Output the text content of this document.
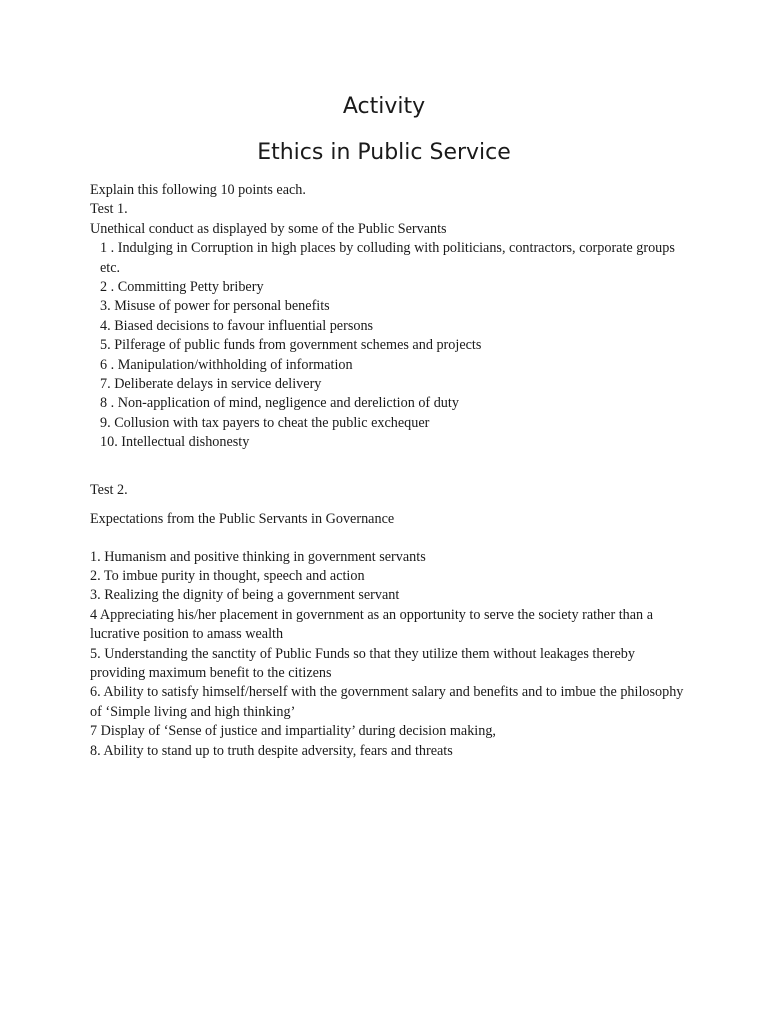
Activity
Ethics in Public Service

Explain this following 10 points each.

Test 1.

Unethical conduct as displayed by some of the Public Servants

1 . Indulging in Corruption in high places by colluding with politicians, contractors, corporate groups etc.

2 . Committing Petty bribery

3. Misuse of power for personal benefits

4. Biased decisions to favour influential persons

5. Pilferage of public funds from government schemes and projects

6 . Manipulation/withholding of information

7. Deliberate delays in service delivery

8 . Non-application of mind, negligence and dereliction of duty

9. Collusion with tax payers to cheat the public exchequer

10. Intellectual dishonesty

Test 2.

Expectations from the Public Servants in Governance

1. Humanism and positive thinking in government servants

2. To imbue purity in thought, speech and action

3. Realizing the dignity of being a government servant

4 Appreciating his/her placement in government as an opportunity to serve the society rather than a lucrative position to amass wealth

5. Understanding the sanctity of Public Funds so that they utilize them without leakages thereby providing maximum benefit to the citizens

6. Ability to satisfy himself/herself with the government salary and benefits and to imbue the philosophy of ‘Simple living and high thinking’

7 Display of ‘Sense of justice and impartiality’ during decision making,

8. Ability to stand up to truth despite adversity, fears and threats
